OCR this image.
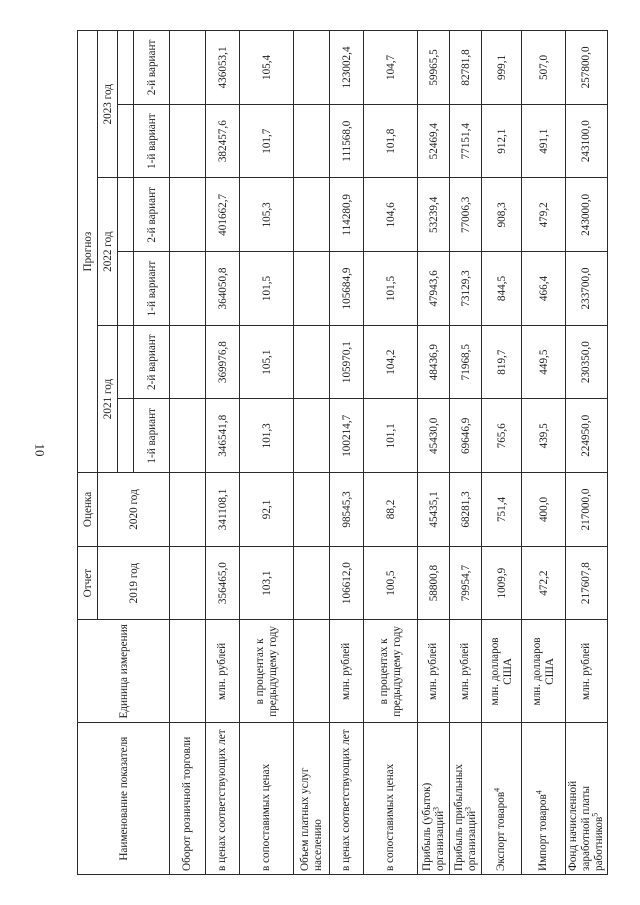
10
Наименование показателя	Единица измерения	Отчет	Оценка	Прогноз					
		2019 год	2020 год	2021 год		2022 год		2023 год	

				1-й вариант	2-й вариант	1-й вариант	2-й вариант	1-й вариант	2-й вариант
Оборот розничной торговли									
в ценах соответствующих лет	млн. рублей	356465,0	341108,1	346541,8	369976,8	364050,8	401662,7	382457,6	436053,1
в сопоставимых ценах	в процентах к предыдущему году	103,1	92,1	101,3	105,1	101,5	105,3	101,7	105,4
Объем платных услуг населению									
в ценах соответствующих лет	млн. рублей	106612,0	98545,3	100214,7	105970,1	105684,9	114280,9	111568,0	123002,4
в сопоставимых ценах	в процентах к предыдущему году	100,5	88,2	101,1	104,2	101,5	104,6	101,8	104,7
Прибыль (убыток) организаций$^3$	млн. рублей	58800,8	45435,1	45430,0	48436,9	47943,6	53239,4	52469,4	59965,5
Прибыль прибыльных организаций$^3$	млн. рублей	79954,7	68281,3	69646,9	71968,5	73129,3	77006,3	77151,4	82781,8
Экспорт товаров$^4$	млн. долларов США	1009,9	751,4	765,6	819,7	844,5	908,3	912,1	999,1
Импорт товаров$^4$	млн. долларов США	472,2	400,0	439,5	449,5	466,4	479,2	491,1	507,0
Фонд начисленной заработной платы работников$^5$	млн. рублей	217607,8	217000,0	224950,0	230350,0	233700,0	243000,0	243100,0	257800,0
